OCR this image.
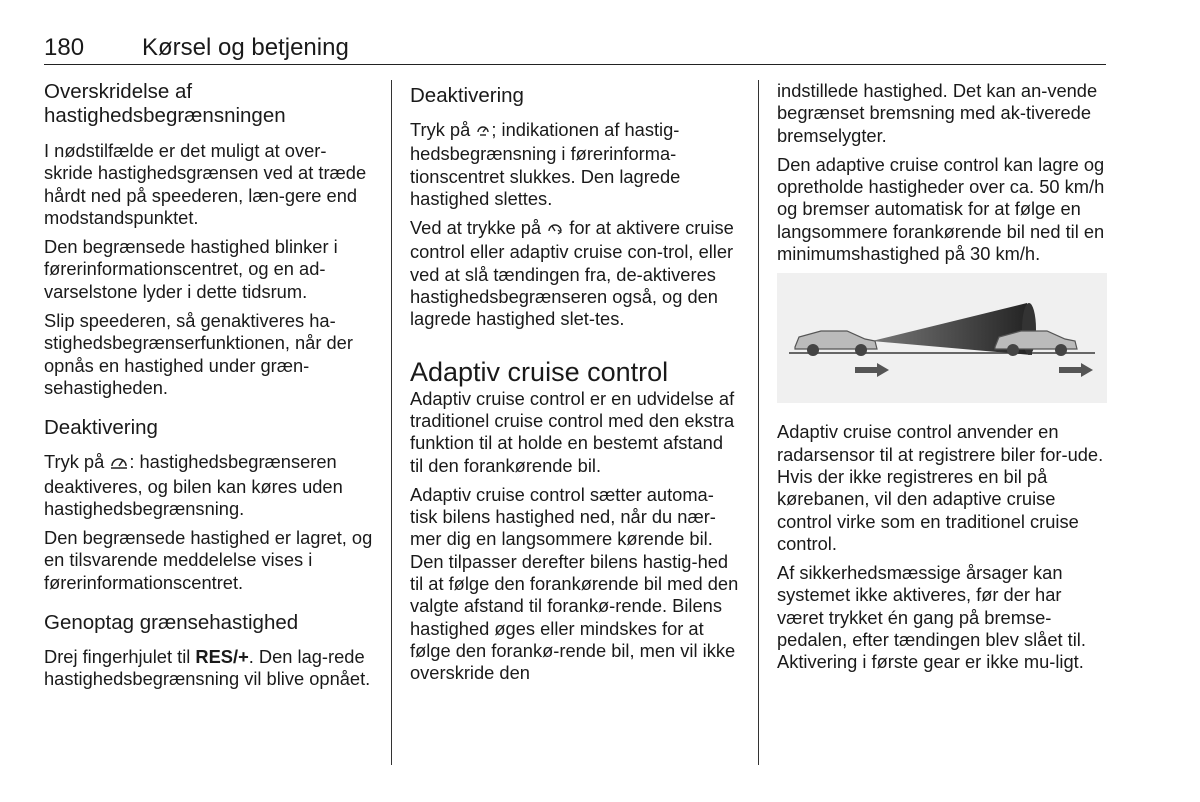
180 Kørsel og betjening
Overskridelse af hastighedsbegrænsningen

I nødstilfælde er det muligt at over-skride hastighedsgrænsen ved at træde hårdt ned på speederen, læn-gere end modstandspunktet.

Den begrænsede hastighed blinker i førerinformationscentret, og en ad-varselstone lyder i dette tidsrum.

Slip speederen, så genaktiveres ha-stighedsbegrænserfunktionen, når der opnås en hastighed under græn-sehastigheden.

Deaktivering

Tryk på : hastighedsbegrænseren deaktiveres, og bilen kan køres uden hastighedsbegrænsning.

Den begrænsede hastighed er lagret, og en tilsvarende meddelelse vises i førerinformationscentret.

Genoptag grænsehastighed

Drej fingerhjulet til RES/+. Den lag-rede hastighedsbegrænsning vil blive opnået.

Deaktivering

Tryk på ; indikationen af hastig-hedsbegrænsning i førerinforma-tionscentret slukkes. Den lagrede hastighed slettes.

Ved at trykke på  for at aktivere cruise control eller adaptiv cruise con-trol, eller ved at slå tændingen fra, de-aktiveres hastighedsbegrænseren også, og den lagrede hastighed slet-tes.

Adaptiv cruise control

Adaptiv cruise control er en udvidelse af traditionel cruise control med den ekstra funktion til at holde en bestemt afstand til den forankørende bil.

Adaptiv cruise control sætter automa-tisk bilens hastighed ned, når du nær-mer dig en langsommere kørende bil. Den tilpasser derefter bilens hastig-hed til at følge den forankørende bil med den valgte afstand til forankø-rende. Bilens hastighed øges eller mindskes for at følge den forankø-rende bil, men vil ikke overskride den

indstillede hastighed. Det kan an-vende begrænset bremsning med ak-tiverede bremselygter.

Den adaptive cruise control kan lagre og opretholde hastigheder over ca. 50 km/h og bremser automatisk for at følge en langsommere forankørende bil ned til en minimumshastighed på 30 km/h.

Adaptiv cruise control anvender en radarsensor til at registrere biler for-ude. Hvis der ikke registreres en bil på kørebanen, vil den adaptive cruise control virke som en traditionel cruise control.

Af sikkerhedsmæssige årsager kan systemet ikke aktiveres, før der har været trykket én gang på bremse-pedalen, efter tændingen blev slået til. Aktivering i første gear er ikke mu-ligt.
